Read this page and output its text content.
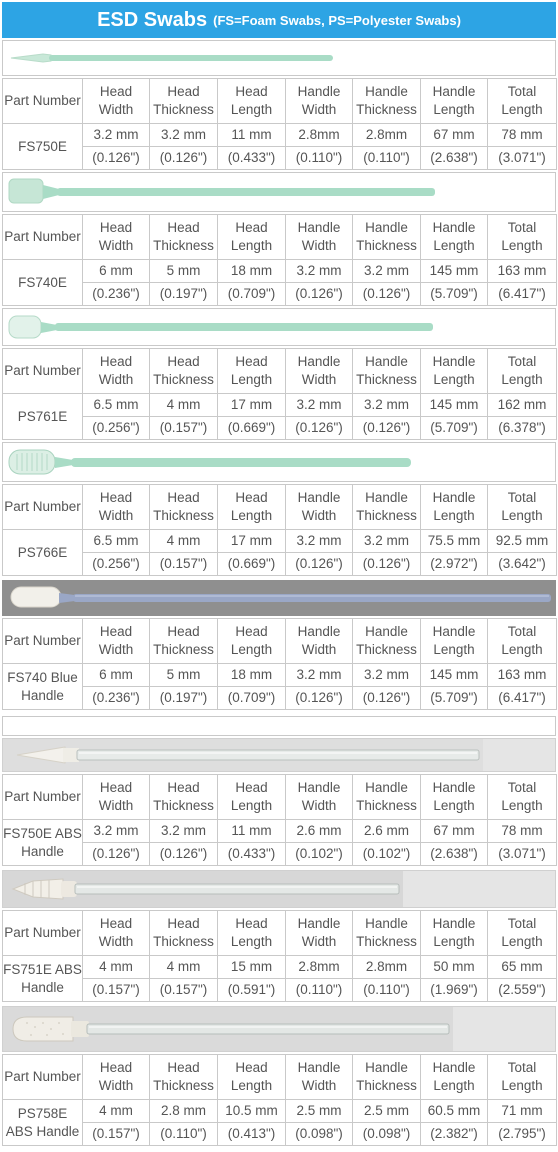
ESD Swabs (FS=Foam Swabs, PS=Polyester Swabs)
Part Number	Head Width	Head Thickness	Head Length	Handle Width	Handle Thickness	Handle Length	Total Length
FS750E	3.2 mm	3.2 mm	11 mm	2.8mm	2.8mm	67 mm	78 mm
	(0.126")	(0.126")	(0.433")	(0.110")	(0.110")	(2.638")	(3.071")
Part Number	Head Width	Head Thickness	Head Length	Handle Width	Handle Thickness	Handle Length	Total Length
FS740E	6 mm	5 mm	18 mm	3.2 mm	3.2 mm	145 mm	163 mm
	(0.236")	(0.197")	(0.709")	(0.126")	(0.126")	(5.709")	(6.417")
Part Number	Head Width	Head Thickness	Head Length	Handle Width	Handle Thickness	Handle Length	Total Length
PS761E	6.5 mm	4 mm	17 mm	3.2 mm	3.2 mm	145 mm	162 mm
	(0.256")	(0.157")	(0.669")	(0.126")	(0.126")	(5.709")	(6.378")
Part Number	Head Width	Head Thickness	Head Length	Handle Width	Handle Thickness	Handle Length	Total Length
PS766E	6.5 mm	4 mm	17 mm	3.2 mm	3.2 mm	75.5 mm	92.5 mm
	(0.256")	(0.157")	(0.669")	(0.126")	(0.126")	(2.972")	(3.642")
Part Number	Head Width	Head Thickness	Head Length	Handle Width	Handle Thickness	Handle Length	Total Length
FS740 Blue Handle	6 mm	5 mm	18 mm	3.2 mm	3.2 mm	145 mm	163 mm
	(0.236")	(0.197")	(0.709")	(0.126")	(0.126")	(5.709")	(6.417")
Part Number	Head Width	Head Thickness	Head Length	Handle Width	Handle Thickness	Handle Length	Total Length
FS750E ABS Handle	3.2 mm	3.2 mm	11 mm	2.6 mm	2.6 mm	67 mm	78 mm
	(0.126")	(0.126")	(0.433")	(0.102")	(0.102")	(2.638")	(3.071")
Part Number	Head Width	Head Thickness	Head Length	Handle Width	Handle Thickness	Handle Length	Total Length
FS751E ABS Handle	4 mm	4 mm	15 mm	2.8mm	2.8mm	50 mm	65 mm
	(0.157")	(0.157")	(0.591")	(0.110")	(0.110")	(1.969")	(2.559")
Part Number	Head Width	Head Thickness	Head Length	Handle Width	Handle Thickness	Handle Length	Total Length
PS758E ABS Handle	4 mm	2.8 mm	10.5 mm	2.5 mm	2.5 mm	60.5 mm	71 mm
	(0.157")	(0.110")	(0.413")	(0.098")	(0.098")	(2.382")	(2.795")
